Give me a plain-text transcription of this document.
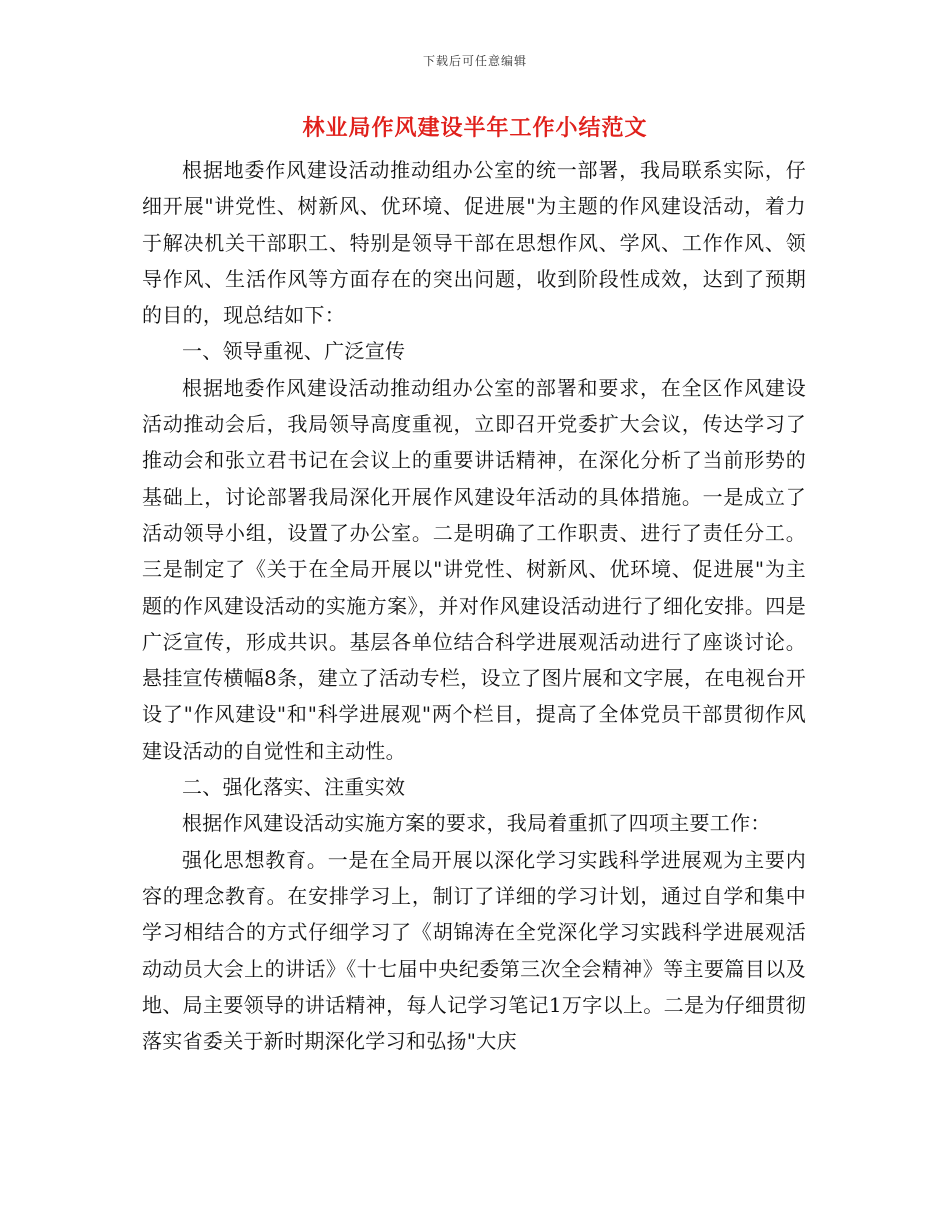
下载后可任意编辑
林业局作风建设半年工作小结范文

根据地委作风建设活动推动组办公室的统一部署，我局联系实际，仔细开展"讲党性、树新风、优环境、促进展"为主题的作风建设活动，着力于解决机关干部职工、特别是领导干部在思想作风、学风、工作作风、领导作风、生活作风等方面存在的突出问题，收到阶段性成效，达到了预期的目的，现总结如下：

一、领导重视、广泛宣传

根据地委作风建设活动推动组办公室的部署和要求，在全区作风建设活动推动会后，我局领导高度重视，立即召开党委扩大会议，传达学习了推动会和张立君书记在会议上的重要讲话精神，在深化分析了当前形势的基础上，讨论部署我局深化开展作风建设年活动的具体措施。一是成立了活动领导小组，设置了办公室。二是明确了工作职责、进行了责任分工。三是制定了《关于在全局开展以"讲党性、树新风、优环境、促进展"为主题的作风建设活动的实施方案》，并对作风建设活动进行了细化安排。四是广泛宣传，形成共识。基层各单位结合科学进展观活动进行了座谈讨论。悬挂宣传横幅8条，建立了活动专栏，设立了图片展和文字展，在电视台开设了"作风建设"和"科学进展观"两个栏目，提高了全体党员干部贯彻作风建设活动的自觉性和主动性。

二、强化落实、注重实效

根据作风建设活动实施方案的要求，我局着重抓了四项主要工作：

强化思想教育。一是在全局开展以深化学习实践科学进展观为主要内容的理念教育。在安排学习上，制订了详细的学习计划，通过自学和集中学习相结合的方式仔细学习了《胡锦涛在全党深化学习实践科学进展观活动动员大会上的讲话》《十七届中央纪委第三次全会精神》等主要篇目以及地、局主要领导的讲话精神，每人记学习笔记1万字以上。二是为仔细贯彻落实省委关于新时期深化学习和弘扬"大庆
